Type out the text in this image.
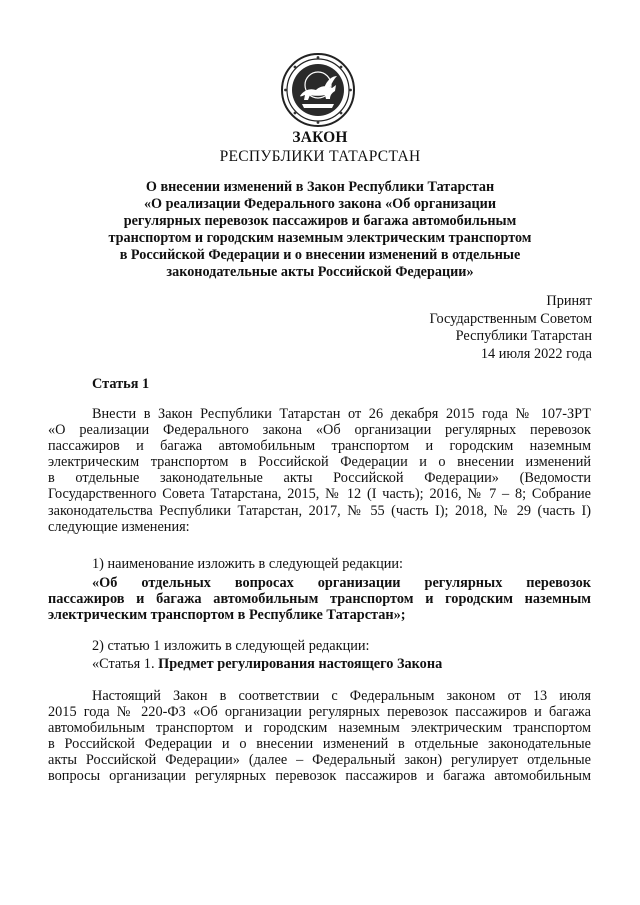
ЗАКОН
РЕСПУБЛИКИ ТАТАРСТАН
О внесении изменений в Закон Республики Татарстан
«О реализации Федерального закона «Об организации
регулярных перевозок пассажиров и багажа автомобильным
транспортом и городским наземным электрическим транспортом
в Российской Федерации и о внесении изменений в отдельные
законодательные акты Российской Федерации»
Принят
Государственным Советом
Республики Татарстан
14 июля 2022 года
Статья 1
Внести в Закон Республики Татарстан от 26 декабря 2015 года № 107-ЗРТ
«О реализации Федерального закона «Об организации регулярных перевозок
пассажиров и багажа автомобильным транспортом и городским наземным
электрическим транспортом в Российской Федерации и о внесении изменений
в отдельные законодательные акты Российской Федерации» (Ведомости
Государственного Совета Татарстана, 2015, № 12 (I часть); 2016, № 7 – 8; Собрание
законодательства Республики Татарстан, 2017, № 55 (часть I); 2018, № 29 (часть I)
следующие изменения:
1) наименование изложить в следующей редакции:
«Об отдельных вопросах организации регулярных перевозок
пассажиров и багажа автомобильным транспортом и городским наземным
электрическим транспортом в Республике Татарстан»;
2) статью 1 изложить в следующей редакции:
«Статья 1. Предмет регулирования настоящего Закона
Настоящий Закон в соответствии с Федеральным законом от 13 июля
2015 года № 220-ФЗ «Об организации регулярных перевозок пассажиров и багажа
автомобильным транспортом и городским наземным электрическим транспортом
в Российской Федерации и о внесении изменений в отдельные законодательные
акты Российской Федерации» (далее – Федеральный закон) регулирует отдельные
вопросы организации регулярных перевозок пассажиров и багажа автомобильным
